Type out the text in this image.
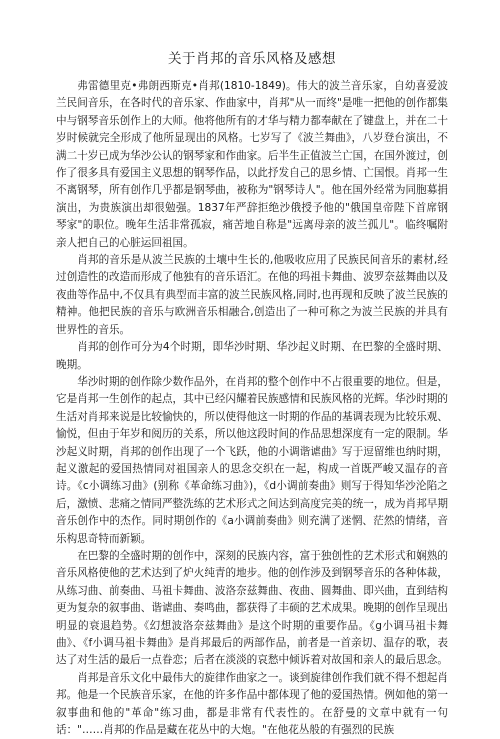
关于肖邦的音乐风格及感想

弗雷德里克•弗朗西斯克•肖邦(1810-1849)。伟大的波兰音乐家，自幼喜爱波兰民间音乐，在各时代的音乐家、作曲家中，肖邦"从一而终"是唯一把他的创作都集中与钢琴音乐创作上的大师。他将他所有的才华与精力都奉献在了键盘上，并在二十岁时候就完全形成了他所显现出的风格。七岁写了《波兰舞曲》，八岁登台演出，不满二十岁已成为华沙公认的钢琴家和作曲家。后半生正值波兰亡国，在国外渡过，创作了很多具有爱国主义思想的钢琴作品，以此抒发自己的思乡情、亡国恨。肖邦一生不离钢琴，所有创作几乎都是钢琴曲，被称为"钢琴诗人"。他在国外经常为同胞募捐演出，为贵族演出却很勉强。1837年严辞拒绝沙俄授予他的"俄国皇帝陛下首席钢琴家"的职位。晚年生活非常孤寂，痛苦地自称是"远离母亲的波兰孤儿"。临终嘱附亲人把自己的心脏运回祖国。

肖邦的音乐是从波兰民族的土壤中生长的,他吸收应用了民族民间音乐的素材,经过创造性的改造而形成了他独有的音乐语汇。在他的玛祖卡舞曲、波罗奈兹舞曲以及夜曲等作品中,不仅具有典型而丰富的波兰民族风格,同时,也再现和反映了波兰民族的精神。他把民族的音乐与欧洲音乐相融合,创造出了一种可称之为波兰民族的并具有世界性的音乐。

肖邦的创作可分为4个时期，即华沙时期、华沙起义时期、在巴黎的全盛时期、晚期。

华沙时期的创作除少数作品外，在肖邦的整个创作中不占很重要的地位。但是，它是肖邦一生创作的起点，其中已经闪耀着民族感情和民族风格的光辉。华沙时期的生活对肖邦来说是比较愉快的，所以使得他这一时期的作品的基调表现为比较乐观、愉悦，但由于年岁和阅历的关系，所以他这段时间的作品思想深度有一定的限制。华沙起义时期，肖邦的创作出现了一个飞跃，他的小调谐谑曲》写于逗留维也纳时期，起义激起的爱国热情同对祖国亲人的思念交织在一起，构成一首既严峻又温存的音诗。《c小调练习曲》(别称《革命练习曲》)，《d小调前奏曲》则写于得知华沙沦陷之后，激愤、悲痛之情同严整洗练的艺术形式之间达到高度完美的统一，成为肖邦早期音乐创作中的杰作。同时期创作的《a小调前奏曲》则充满了迷惘、茫然的情绪，音乐构思奇特而新颖。

在巴黎的全盛时期的创作中，深刻的民族内容，富于独创性的艺术形式和娴熟的音乐风格使他的艺术达到了炉火纯青的地步。他的创作涉及到钢琴音乐的各种体裁，从练习曲、前奏曲、马祖卡舞曲、波洛奈兹舞曲、夜曲、圆舞曲、即兴曲，直到结构更为复杂的叙事曲、谐谑曲、奏鸣曲，都获得了丰硕的艺术成果。晚期的创作呈现出明显的衰退趋势。《幻想波洛奈兹舞曲》是这个时期的重要作品。《g小调马祖卡舞曲》、《f小调马祖卡舞曲》是肖邦最后的两部作品，前者是一首亲切、温存的歌，表达了对生活的最后一点眷恋；后者在淡淡的哀愁中倾诉着对故国和亲人的最后思念。

肖邦是音乐文化中最伟大的旋律作曲家之一。谈到旋律创作我们就不得不想起肖邦。他是一个民族音乐家，在他的许多作品中都体现了他的爱国热情。例如他的第一叙事曲和他的"革命"练习曲，都是非常有代表性的。在舒曼的文章中就有一句话："……肖邦的作品是藏在花丛中的大炮。"在他花丛般的有强烈的民族
